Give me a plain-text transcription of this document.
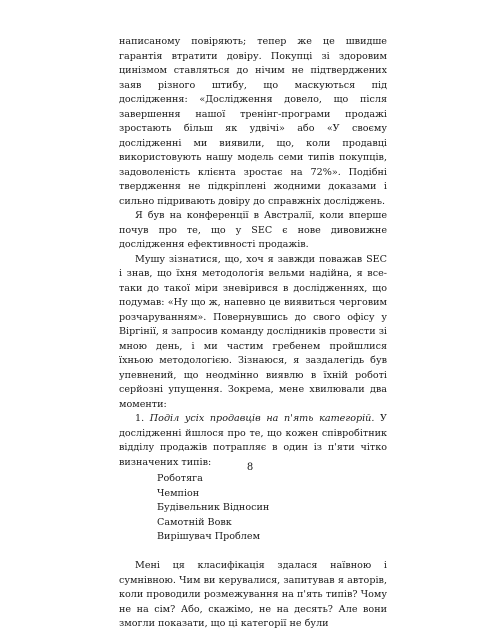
написаному повіряють; тепер же це швидше гарантія втратити довіру. Покупці зі здоровим цинізмом ставляться до нічим не підтверджених заяв різного штибу, що маскуються під дослідження: «Дослідження довело, що після завершення нашої тренінг-програми продажі зростають більш як удвічі» або «У своєму дослідженні ми виявили, що, коли продавці використовують нашу модель семи типів покупців, задоволеність клієнта зростає на 72%». Подібні твердження не підкріплені жодними доказами і сильно підривають довіру до справжніх досліджень.

Я був на конференції в Австралії, коли вперше почув про те, що у SEC є нове дивовижне дослідження ефективності продажів.

Мушу зізнатися, що, хоч я завжди поважав SEC і знав, що їхня методологія вельми надійна, я все-таки до такої міри зневірився в дослідженнях, що подумав: «Ну що ж, напевно це виявиться черговим розчаруванням». Повернувшись до свого офісу у Віргінії, я запросив команду дослідників провести зі мною день, і ми частим гребенем пройшлися їхньою методологією. Зізнаюся, я заздалегідь був упевнений, що неодмінно виявлю в їхній роботі серйозні упущення. Зокрема, мене хвилювали два моменти:

1. Поділ усіх продавців на п'ять категорій. У дослідженні йшлося про те, що кожен співробітник відділу продажів потрапляє в один із п'яти чітко визначених типів:

Роботяга
Чемпіон
Будівельник Відносин
Самотній Вовк
Вирішувач Проблем

Мені ця класифікація здалася наївною і сумнівною. Чим ви керувалися, запитував я авторів, коли проводили розмежування на п'ять типів? Чому не на сім? Або, скажімо, не на десять? Але вони змогли показати, що ці категорії не були

8
